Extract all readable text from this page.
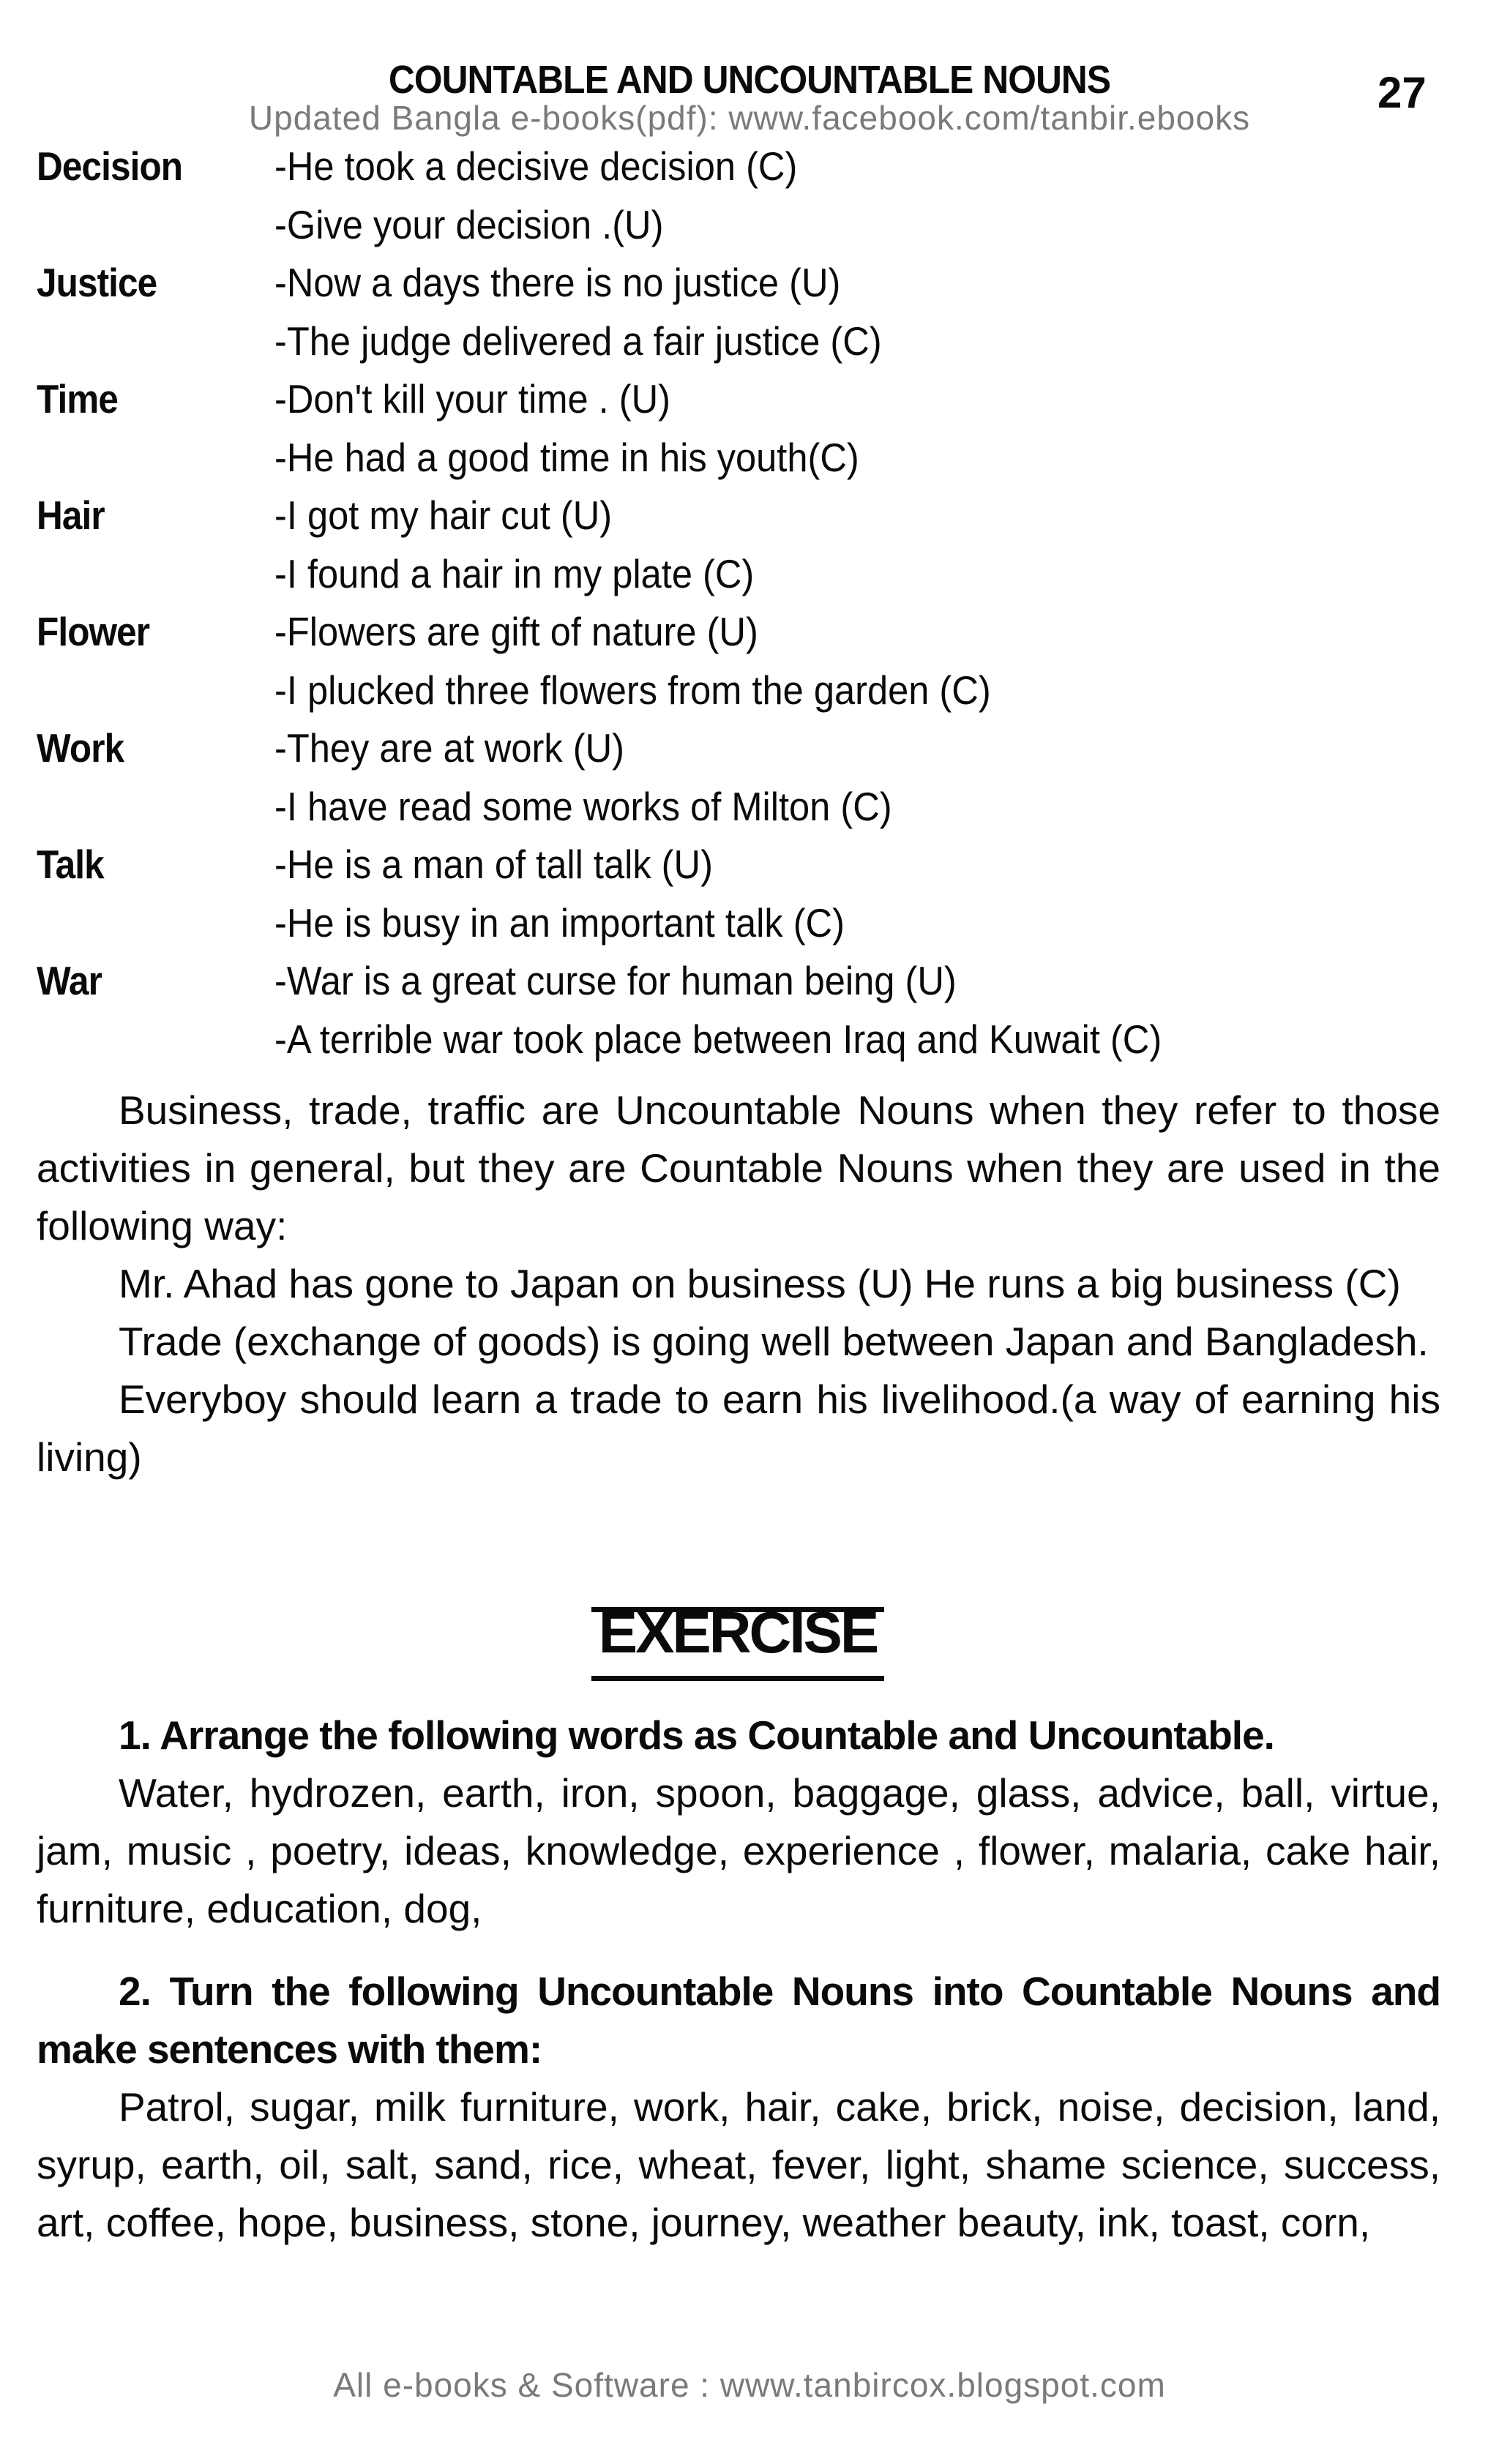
COUNTABLE AND UNCOUNTABLE NOUNS	27
Updated Bangla e-books(pdf): www.facebook.com/tanbir.ebooks
Decision -He took a decisive decision (C)
-Give your decision .(U)
Justice	-Now a days there is no justice (U)
-The judge delivered a fair justice (C)
Time	-Don't kill your time . (U)
-He had a good time in his youth(C)
Hair	-I got my hair cut (U)
-I found a hair in my plate (C)
Flower	-Flowers are gift of nature (U)
-I plucked three flowers from the garden (C)
Work	-They are at work (U)
-I have read some works of Milton (C)
Talk	-He is a man of tall talk (U)
-He is busy in an important talk (C)
War	-War is a great curse for human being (U)
-A terrible war took place between Iraq and Kuwait (C)

Business, trade, traffic are Uncountable Nouns when they refer to those activities in general, but they are Countable Nouns when they are used in the following way:

Mr. Ahad has gone to Japan on business (U) He runs a big business (C)

Trade (exchange of goods) is going well between Japan and Bangladesh.

Everyboy should learn a trade to earn his livelihood.(a way of earning his living)

EXERCISE

1. Arrange the following words as Countable and Uncountable.

Water, hydrozen, earth, iron, spoon, baggage, glass, advice, ball, virtue, jam, music , poetry, ideas, knowledge, experience , flower, malaria, cake hair, furniture, education, dog,

2. Turn the following Uncountable Nouns into Countable Nouns and make sentences with them:

Patrol, sugar, milk furniture, work, hair, cake, brick, noise, decision, land, syrup, earth, oil, salt, sand, rice, wheat, fever, light, shame science, success, art, coffee, hope, business, stone, journey, weather beauty, ink, toast, corn,

All e-books & Software : www.tanbircox.blogspot.com
